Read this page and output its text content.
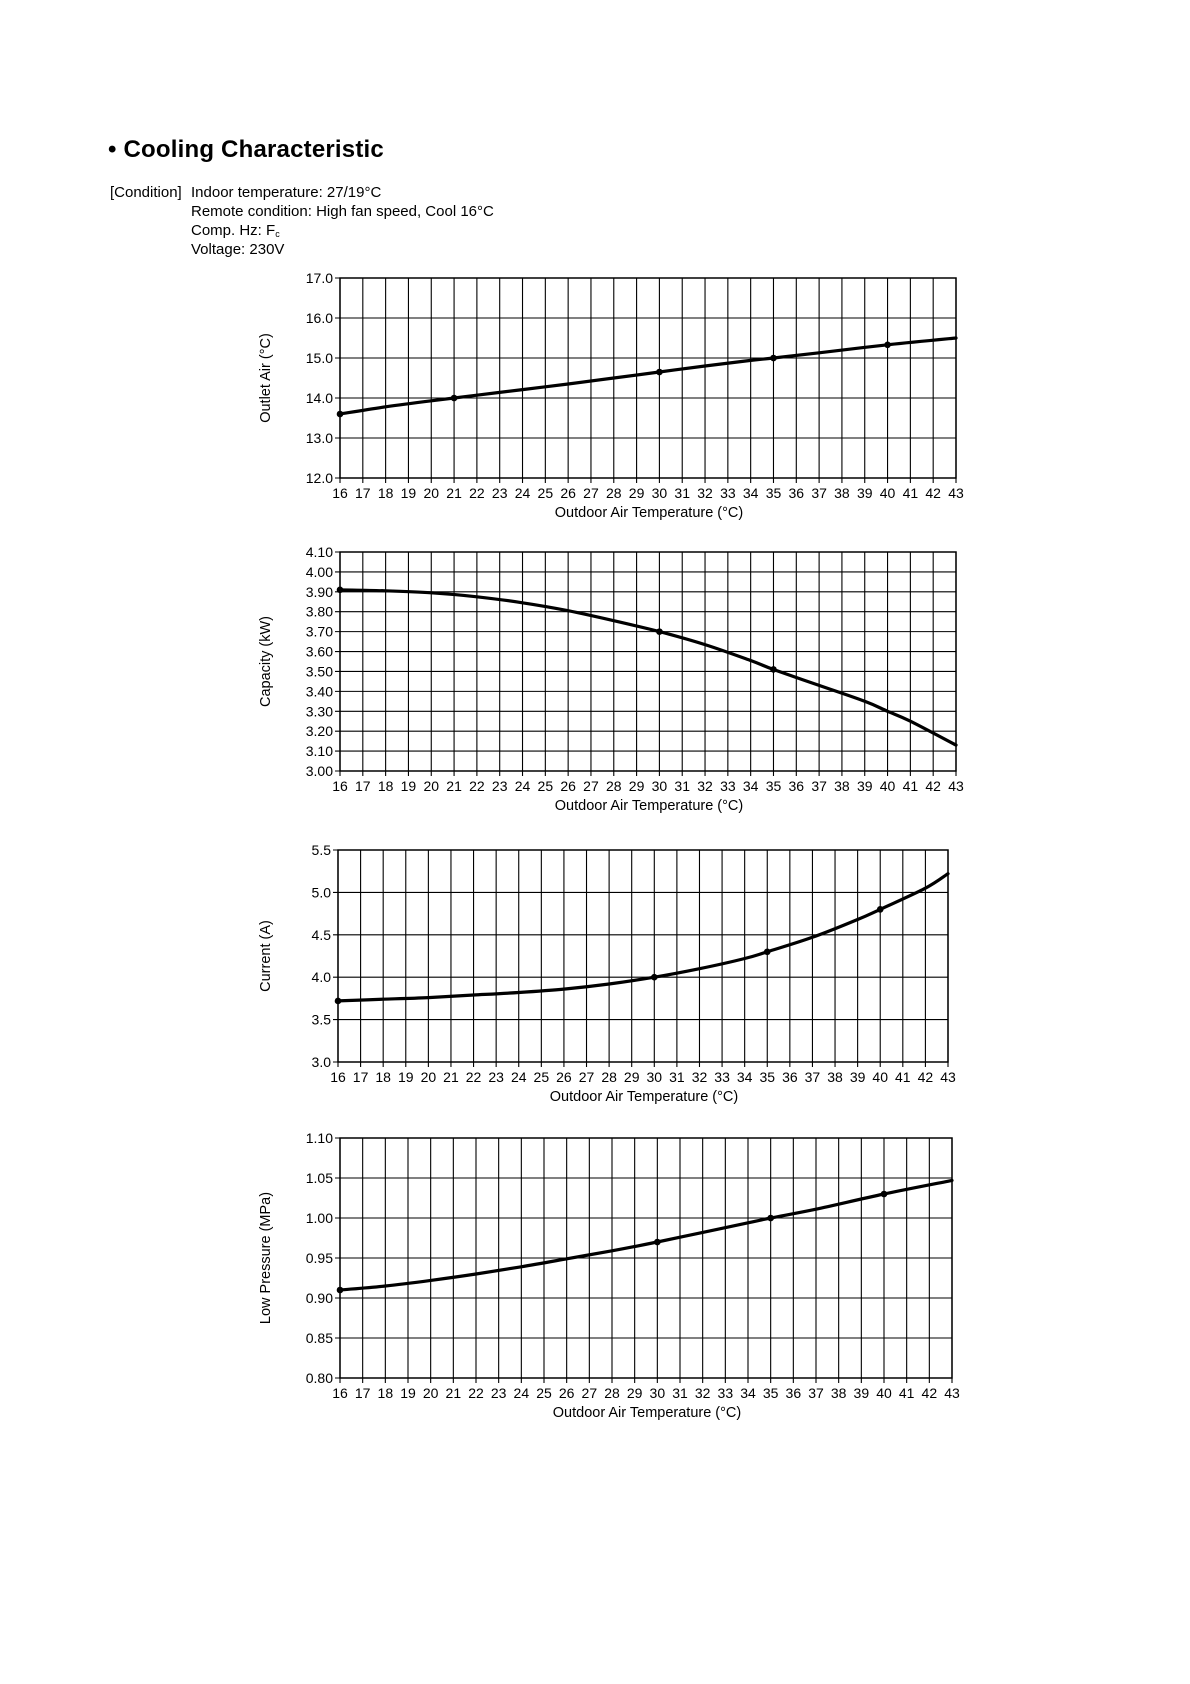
• Cooling Characteristic
[Condition] Indoor temperature: 27/19°C
Remote condition: High fan speed, Cool 16°C
Comp. Hz: $F_c$
Voltage: 230V
12.0
13.0
14.0
15.0
16.0
17.0
16 17 18 19 20 21 22 23 24 25 26 27 28 29 30 31 32 33 34 35 36 37 38 39 40 41 42 43
Outdoor Air Temperature (°C)
Outlet Air (°C)
3.00
3.10
3.20
3.30
3.40
3.50
3.60
3.70
3.80
3.90
4.00
4.10
16 17 18 19 20 21 22 23 24 25 26 27 28 29 30 31 32 33 34 35 36 37 38 39 40 41 42 43
Outdoor Air Temperature (°C)
Capacity (kW)
3.0
3.5
4.0
4.5
5.0
5.5
16 17 18 19 20 21 22 23 24 25 26 27 28 29 30 31 32 33 34 35 36 37 38 39 40 41 42 43
Outdoor Air Temperature (°C)
Current (A)
0.80
0.85
0.90
0.95
1.00
1.05
1.10
16 17 18 19 20 21 22 23 24 25 26 27 28 29 30 31 32 33 34 35 36 37 38 39 40 41 42 43
Outdoor Air Temperature (°C)
Low Pressure (MPa)
